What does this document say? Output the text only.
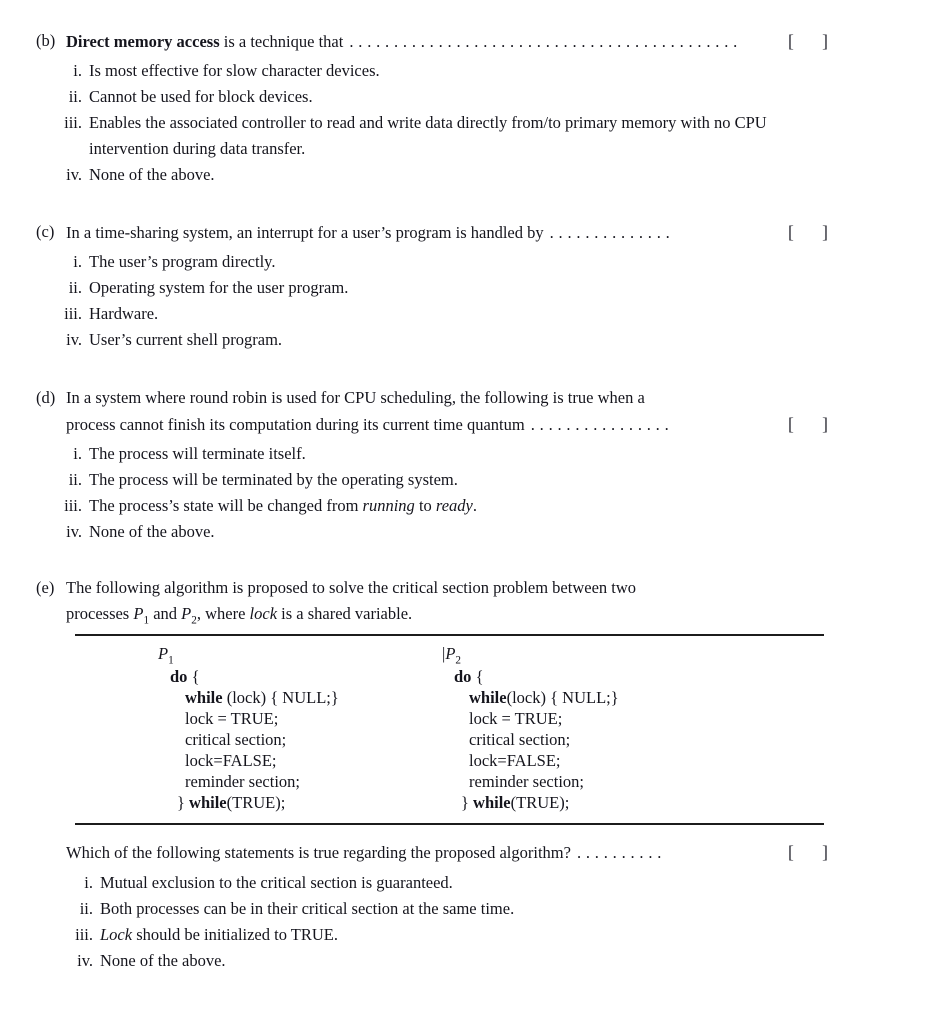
(b) Direct memory access is a technique that ............................................	[ ]
i. Is most effective for slow character devices.
ii. Cannot be used for block devices.
iii. Enables the associated controller to read and write data directly from/to primary memory with no CPU intervention during data transfer.
iv. None of the above.
(c) In a time-sharing system, an interrupt for a user’s program is handled by ..............	[ ]
i. The user’s program directly.
ii. Operating system for the user program.
iii. Hardware.
iv. User’s current shell program.
(d) In a system where round robin is used for CPU scheduling, the following is true when a
process cannot finish its computation during its current time quantum ................	[ ]
i. The process will terminate itself.
ii. The process will be terminated by the operating system.
iii. The process’s state will be changed from running to ready.
iv. None of the above.
(e) The following algorithm is proposed to solve the critical section problem between two
processes $P_1$ and $P_2$, where lock is a shared variable.
$P_1$
do {
while (lock) { NULL;}
lock = TRUE;
critical section;
lock=FALSE;
reminder section;
} while(TRUE);
$|P_2$
do {
while(lock) { NULL;}
lock = TRUE;
critical section;
lock=FALSE;
reminder section;
} while(TRUE);
Which of the following statements is true regarding the proposed algorithm? ..........	[ ]
i. Mutual exclusion to the critical section is guaranteed.
ii. Both processes can be in their critical section at the same time.
iii. Lock should be initialized to TRUE.
iv. None of the above.
